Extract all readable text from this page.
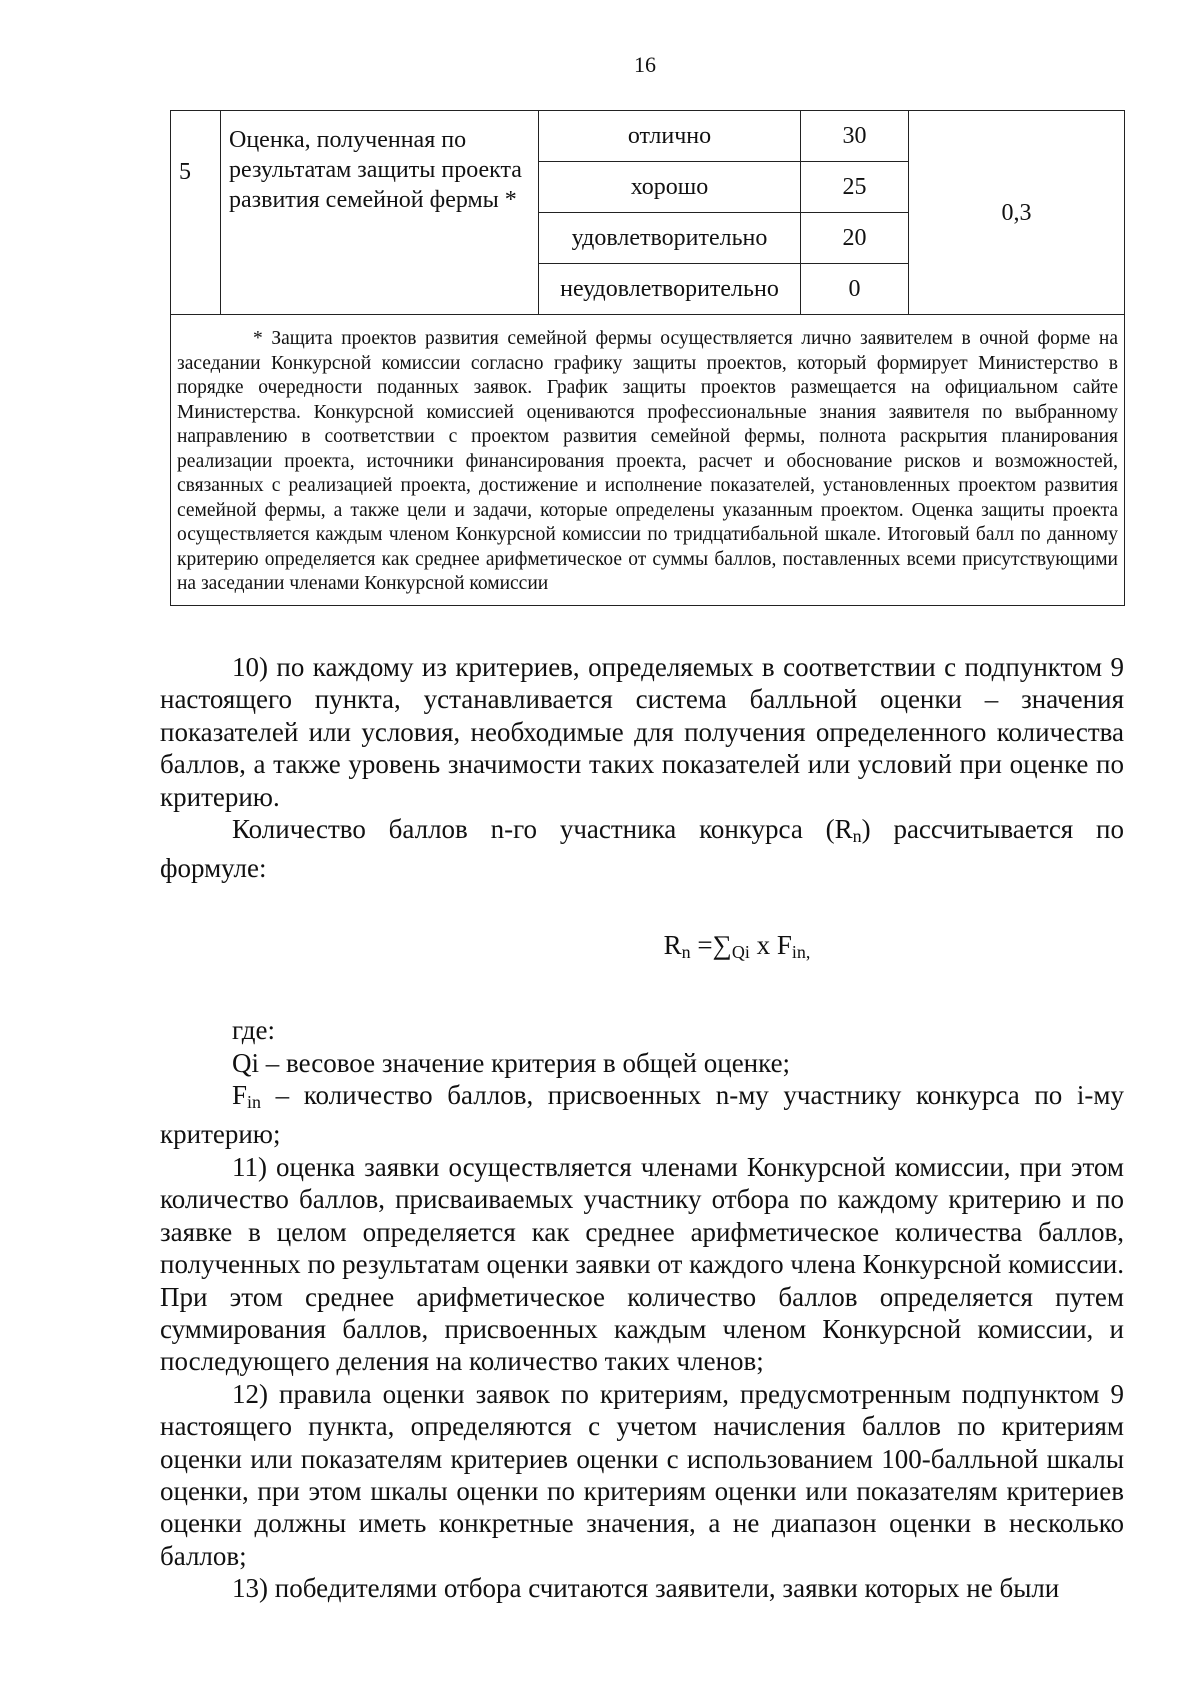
16
5	Оценка, полученная по результатам защиты проекта развития семейной фермы *	отлично	30	0,3
		хорошо	25	
		удовлетворительно	20	
		неудовлетворительно	0	

* Защита проектов развития семейной фермы осуществляется лично заявителем в очной форме на заседании Конкурсной комиссии согласно графику защиты проектов, который формирует Министерство в порядке очередности поданных заявок. График защиты проектов размещается на официальном сайте Министерства. Конкурсной комиссией оцениваются профессиональные знания заявителя по выбранному направлению в соответствии с проектом развития семейной фермы, полнота раскрытия планирования реализации проекта, источники финансирования проекта, расчет и обоснование рисков и возможностей, связанных с реализацией проекта, достижение и исполнение показателей, установленных проектом развития семейной фермы, а также цели и задачи, которые определены указанным проектом. Оценка защиты проекта осуществляется каждым членом Конкурсной комиссии по тридцатибальной шкале. Итоговый балл по данному критерию определяется как среднее арифметическое от суммы баллов, поставленных всеми присутствующими на заседании членами Конкурсной комиссии				

10) по каждому из критериев, определяемых в соответствии с подпунктом 9 настоящего пункта, устанавливается система балльной оценки – значения показателей или условия, необходимые для получения определенного количества баллов, а также уровень значимости таких показателей или условий при оценке по критерию.

Количество баллов n-го участника конкурса $(R_n)$ рассчитывается по формуле:

$R_n =\sum_{Qi}$ x $F_{in,}$

где:

Qi – весовое значение критерия в общей оценке;

$F_{in}$ – количество баллов, присвоенных n-му участнику конкурса по i-му критерию;

11) оценка заявки осуществляется членами Конкурсной комиссии, при этом количество баллов, присваиваемых участнику отбора по каждому критерию и по заявке в целом определяется как среднее арифметическое количества баллов, полученных по результатам оценки заявки от каждого члена Конкурсной комиссии. При этом среднее арифметическое количество баллов определяется путем суммирования баллов, присвоенных каждым членом Конкурсной комиссии, и последующего деления на количество таких членов;

12) правила оценки заявок по критериям, предусмотренным подпунктом 9 настоящего пункта, определяются с учетом начисления баллов по критериям оценки или показателям критериев оценки с использованием 100-балльной шкалы оценки, при этом шкалы оценки по критериям оценки или показателям критериев оценки должны иметь конкретные значения, а не диапазон оценки в несколько баллов;

13) победителями отбора считаются заявители, заявки которых не были
